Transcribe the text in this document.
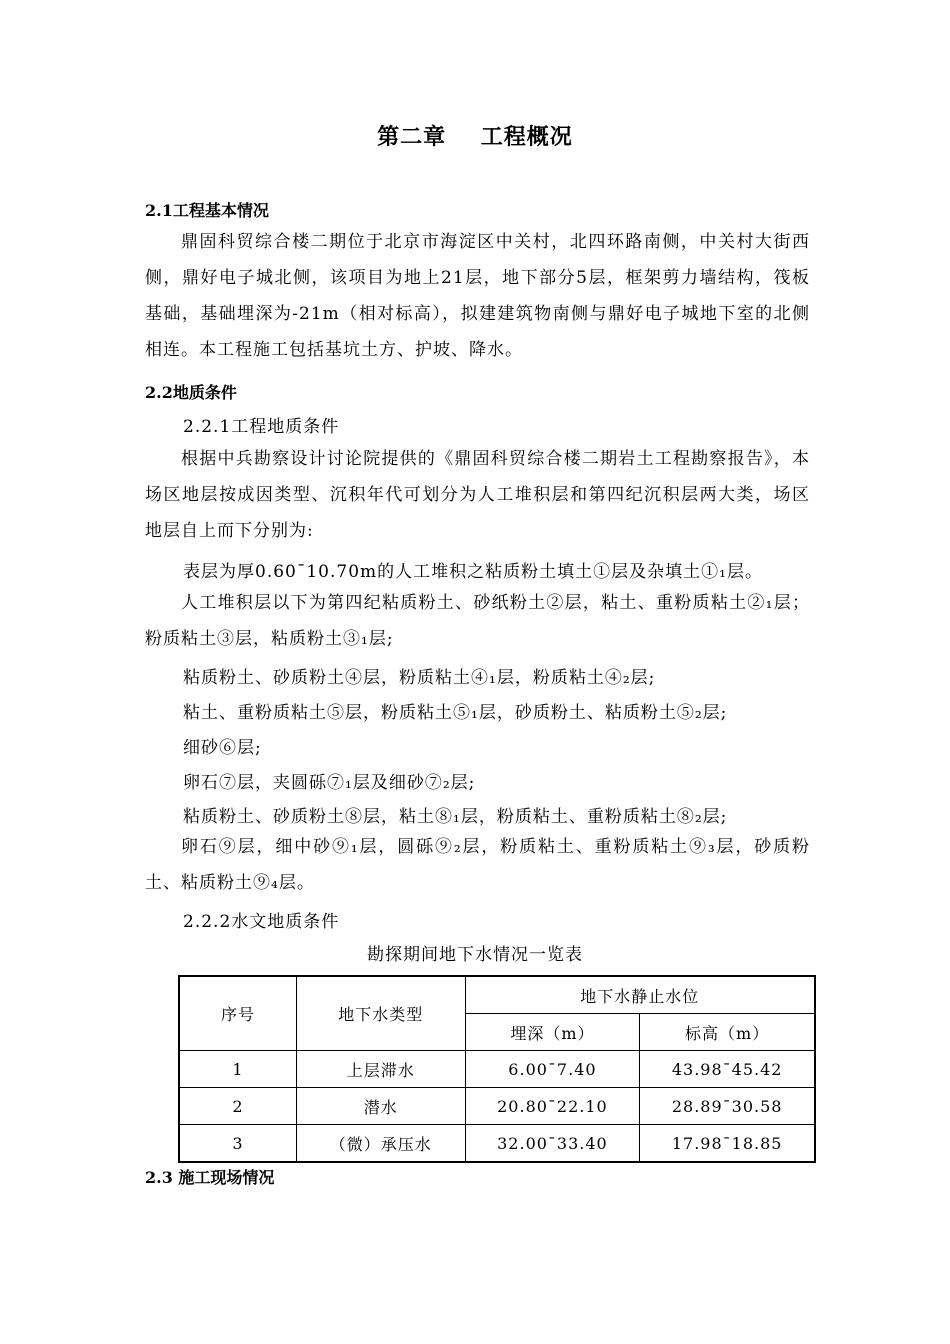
第二章    工程概况
2.1工程基本情况
鼎固科贸综合楼二期位于北京市海淀区中关村，北四环路南侧，中关村大街西侧，鼎好电子城北侧，该项目为地上21层，地下部分5层，框架剪力墙结构，筏板基础，基础埋深为-21m（相对标高），拟建建筑物南侧与鼎好电子城地下室的北侧相连。本工程施工包括基坑土方、护坡、降水。
2.2地质条件
2.2.1工程地质条件
根据中兵勘察设计讨论院提供的《鼎固科贸综合楼二期岩土工程勘察报告》，本场区地层按成因类型、沉积年代可划分为人工堆积层和第四纪沉积层两大类，场区地层自上而下分别为:
表层为厚0.60¯10.70m的人工堆积之粘质粉土填土①层及杂填土①₁层。
人工堆积层以下为第四纪粘质粉土、砂纸粉土②层，粘土、重粉质粘土②₁层；粉质粘土③层，粘质粉土③₁层;
粘质粉土、砂质粉土④层，粉质粘土④₁层，粉质粘土④₂层;
粘土、重粉质粘土⑤层，粉质粘土⑤₁层，砂质粉土、粘质粉土⑤₂层;
细砂⑥层;
卵石⑦层，夹圆砾⑦₁层及细砂⑦₂层;
粘质粉土、砂质粉土⑧层，粘土⑧₁层，粉质粘土、重粉质粘土⑧₂层;
卵石⑨层，细中砂⑨₁层，圆砾⑨₂层，粉质粘土、重粉质粘土⑨₃层，砂质粉土、粘质粉土⑨₄层。
2.2.2水文地质条件
勘探期间地下水情况一览表
序号	地下水类型	地下水静止水位	
		埋深（m）	标高（m）
1	上层滞水	6.00¯7.40	43.98¯45.42
2	潜水	20.80¯22.10	28.89¯30.58
3	（微）承压水	32.00¯33.40	17.98¯18.85
2.3 施工现场情况
